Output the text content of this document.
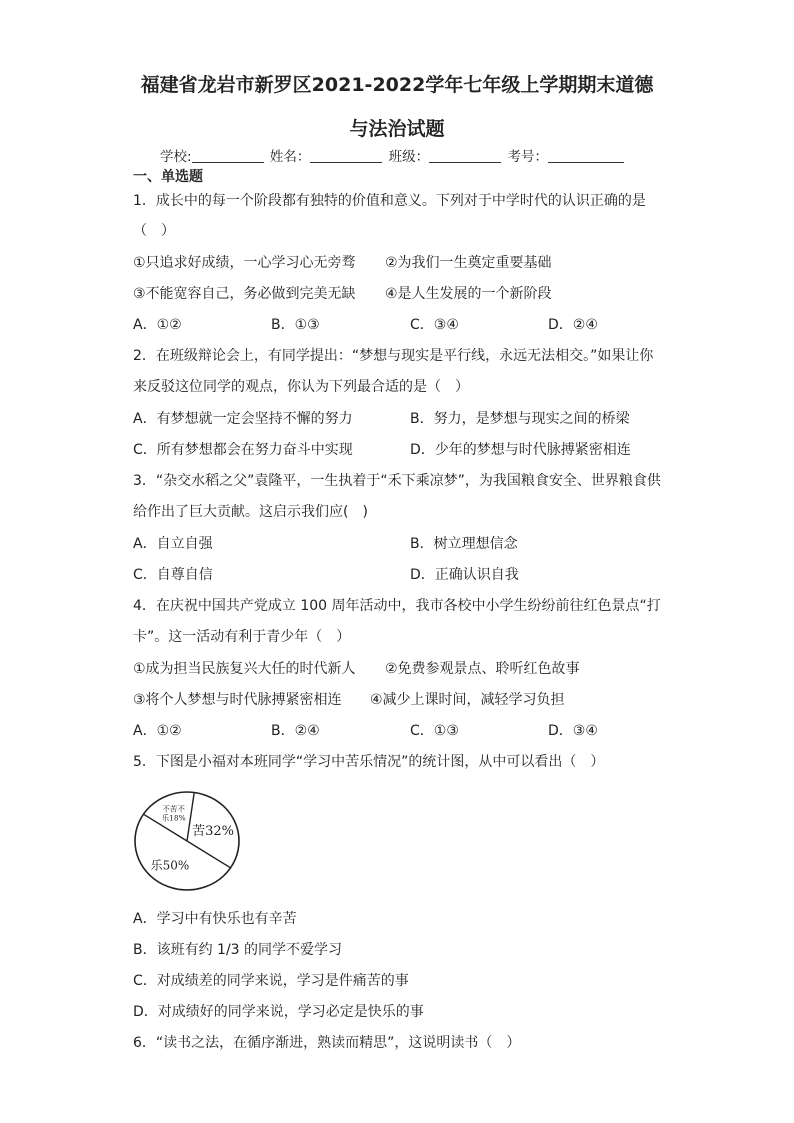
福建省龙岩市新罗区2021-2022学年七年级上学期期末道德
与法治试题
学校:	姓名：	班级：	考号：
一、单选题
1．成长中的每一个阶段都有独特的价值和意义。下列对于中学时代的认识正确的是
（　）
①只追求好成绩，一心学习心无旁骛 ②为我们一生奠定重要基础
③不能宽容自己，务必做到完美无缺 ④是人生发展的一个新阶段
A．①②	B．①③	C．③④	D．②④
2．在班级辩论会上，有同学提出：“梦想与现实是平行线，永远无法相交。”如果让你
来反驳这位同学的观点，你认为下列最合适的是（　）
A．有梦想就一定会坚持不懈的努力	B．努力，是梦想与现实之间的桥梁
C．所有梦想都会在努力奋斗中实现	D．少年的梦想与时代脉搏紧密相连
3．“杂交水稻之父”袁隆平，一生执着于“禾下乘凉梦”，为我国粮食安全、世界粮食供
给作出了巨大贡献。这启示我们应(　)
A．自立自强	B．树立理想信念
C．自尊自信	D．正确认识自我
4．在庆祝中国共产党成立 100 周年活动中，我市各校中小学生纷纷前往红色景点“打
卡”。这一活动有利于青少年（　）
①成为担当民族复兴大任的时代新人 ②免费参观景点、聆听红色故事
③将个人梦想与时代脉搏紧密相连 ④减少上课时间，减轻学习负担
A．①②	B．②④	C．①③	D．③④
5．下图是小福对本班同学“学习中苦乐情况”的统计图，从中可以看出（　）
苦32%
乐50%
不苦不
乐18%
A．学习中有快乐也有辛苦
B．该班有约 1/3 的同学不爱学习
C．对成绩差的同学来说，学习是件痛苦的事
D．对成绩好的同学来说，学习必定是快乐的事
6．“读书之法，在循序渐进，熟读而精思”，这说明读书（　）
